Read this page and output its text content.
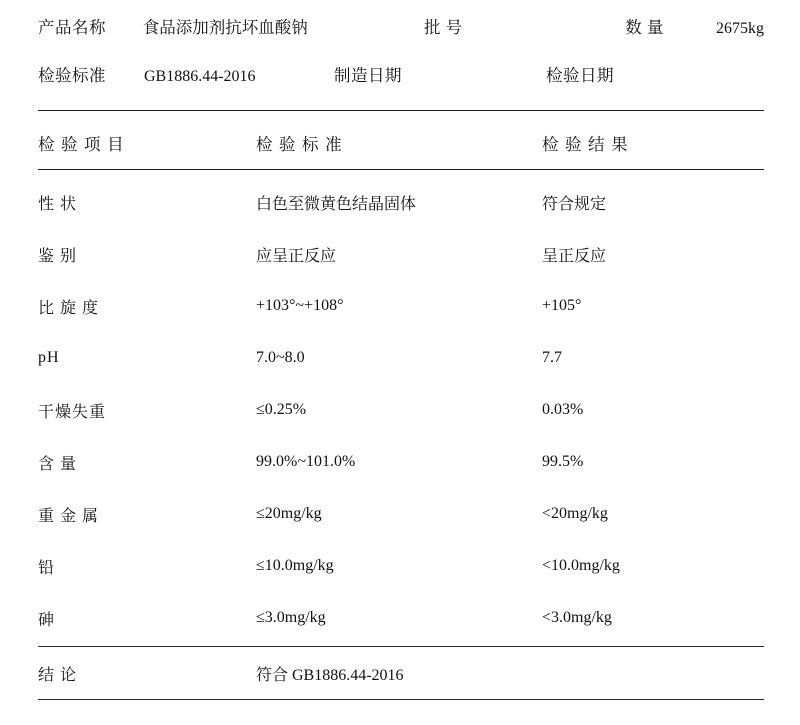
产品名称	食品添加剂抗坏血酸钠	批 号	数 量	2675kg
检验标准	GB1886.44-2016	制造日期	检验日期
检 验 项 目	检 验 标 准	检 验 结 果
性 状	白色至微黄色结晶固体	符合规定
鉴 别	应呈正反应	呈正反应
比 旋 度	+103°~+108°	+105°
pH	7.0~8.0	7.7
干燥失重	≤0.25%	0.03%
含 量	99.0%~101.0%	99.5%
重 金 属	≤20mg/kg	<20mg/kg
铅	≤10.0mg/kg	<10.0mg/kg
砷	≤3.0mg/kg	<3.0mg/kg
结 论	符合 GB1886.44-2016
